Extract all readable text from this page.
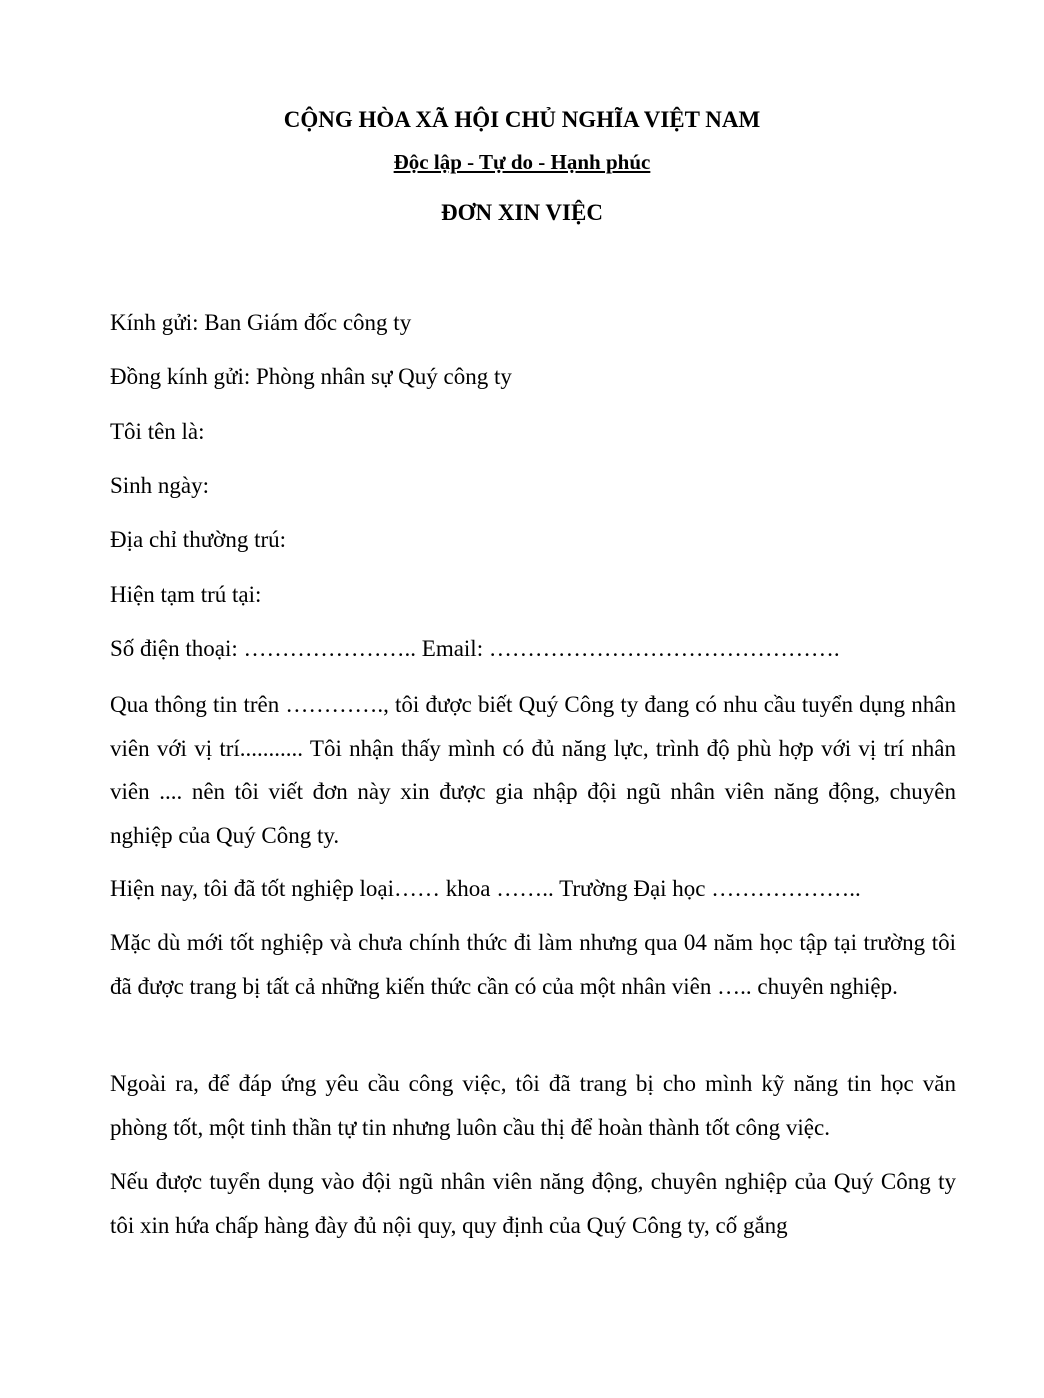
CỘNG HÒA XÃ HỘI CHỦ NGHĨA VIỆT NAM
Độc lập - Tự do - Hạnh phúc
ĐƠN XIN VIỆC
Kính gửi: Ban Giám đốc công ty
Đồng kính gửi: Phòng nhân sự Quý công ty
Tôi tên là:
Sinh ngày:
Địa chỉ thường trú:
Hiện tạm trú tại:
Số điện thoại: ………………….. Email: ……………………………………….
Qua thông tin trên …………., tôi được biết Quý Công ty đang có nhu cầu tuyển dụng nhân viên với vị trí........... Tôi nhận thấy mình có đủ năng lực, trình độ phù hợp với vị trí nhân viên .... nên tôi viết đơn này xin được gia nhập đội ngũ nhân viên năng động, chuyên nghiệp của Quý Công ty.
Hiện nay, tôi đã tốt nghiệp loại…… khoa …….. Trường Đại học ………………..
Mặc dù mới tốt nghiệp và chưa chính thức đi làm nhưng qua 04 năm học tập tại trường tôi đã được trang bị tất cả những kiến thức cần có của một nhân viên ….. chuyên nghiệp.
Ngoài ra, để đáp ứng yêu cầu công việc, tôi đã trang bị cho mình kỹ năng tin học văn phòng tốt, một tinh thần tự tin nhưng luôn cầu thị để hoàn thành tốt công việc.
Nếu được tuyển dụng vào đội ngũ nhân viên năng động, chuyên nghiệp của Quý Công ty tôi xin hứa chấp hàng đày đủ nội quy, quy định của Quý Công ty, cố gắng
